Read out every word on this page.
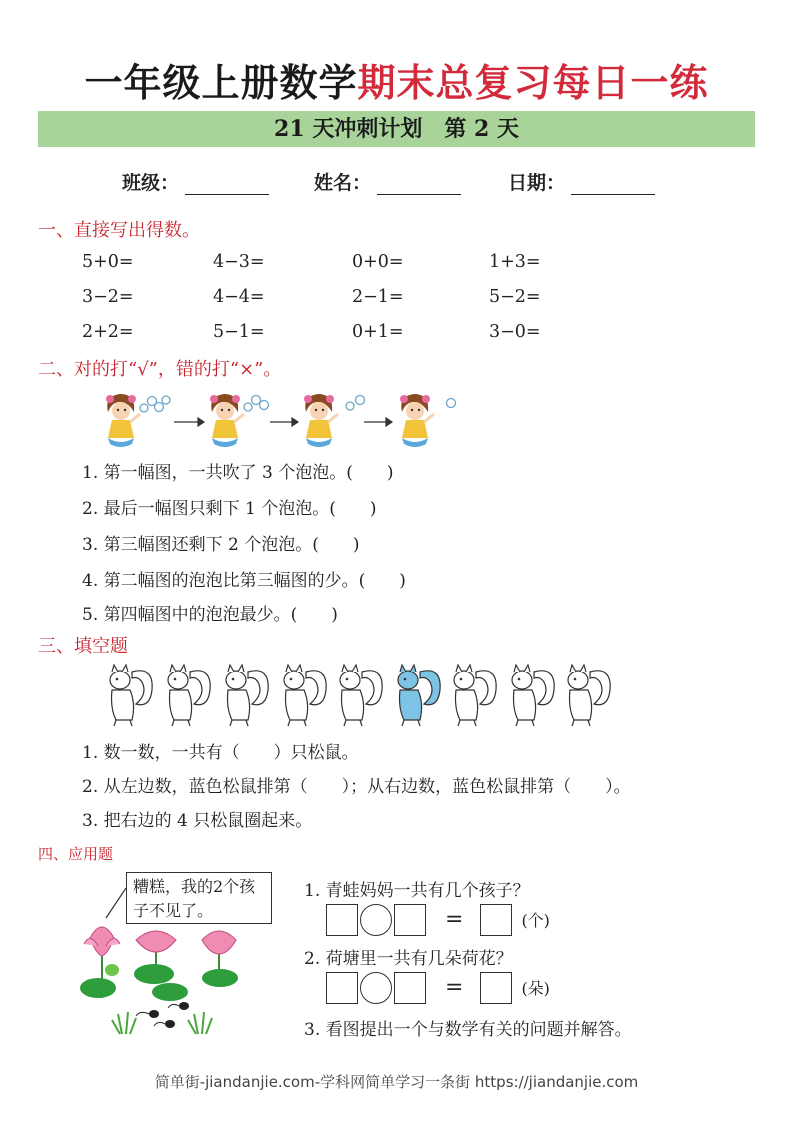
一年级上册数学期末总复习每日一练
21 天冲刺计划　第 2 天
班级：	姓名：	日期：
一、直接写出得数。
5+0=	4−3=	0+0=	1+3=
3−2=	4−4=	2−1=	5−2=
2+2=	5−1=	0+1=	3−0=
二、对的打“√”，错的打“×”。
1. 第一幅图，一共吹了 3 个泡泡。(　　)
2. 最后一幅图只剩下 1 个泡泡。(　　)
3. 第三幅图还剩下 2 个泡泡。(　　)
4. 第二幅图的泡泡比第三幅图的少。(　　)
5. 第四幅图中的泡泡最少。(　　)
三、填空题
1. 数一数，一共有（　　）只松鼠。
2. 从左边数，蓝色松鼠排第（　　）；从右边数，蓝色松鼠排第（　　）。
3. 把右边的 4 只松鼠圈起来。
四、应用题
糟糕，我的2个孩子不见了。
1. 青蛙妈妈一共有几个孩子？
=	(个)
2. 荷塘里一共有几朵荷花？
=	(朵)
3. 看图提出一个与数学有关的问题并解答。
简单街-jiandanjie.com-学科网简单学习一条街 https://jiandanjie.com
